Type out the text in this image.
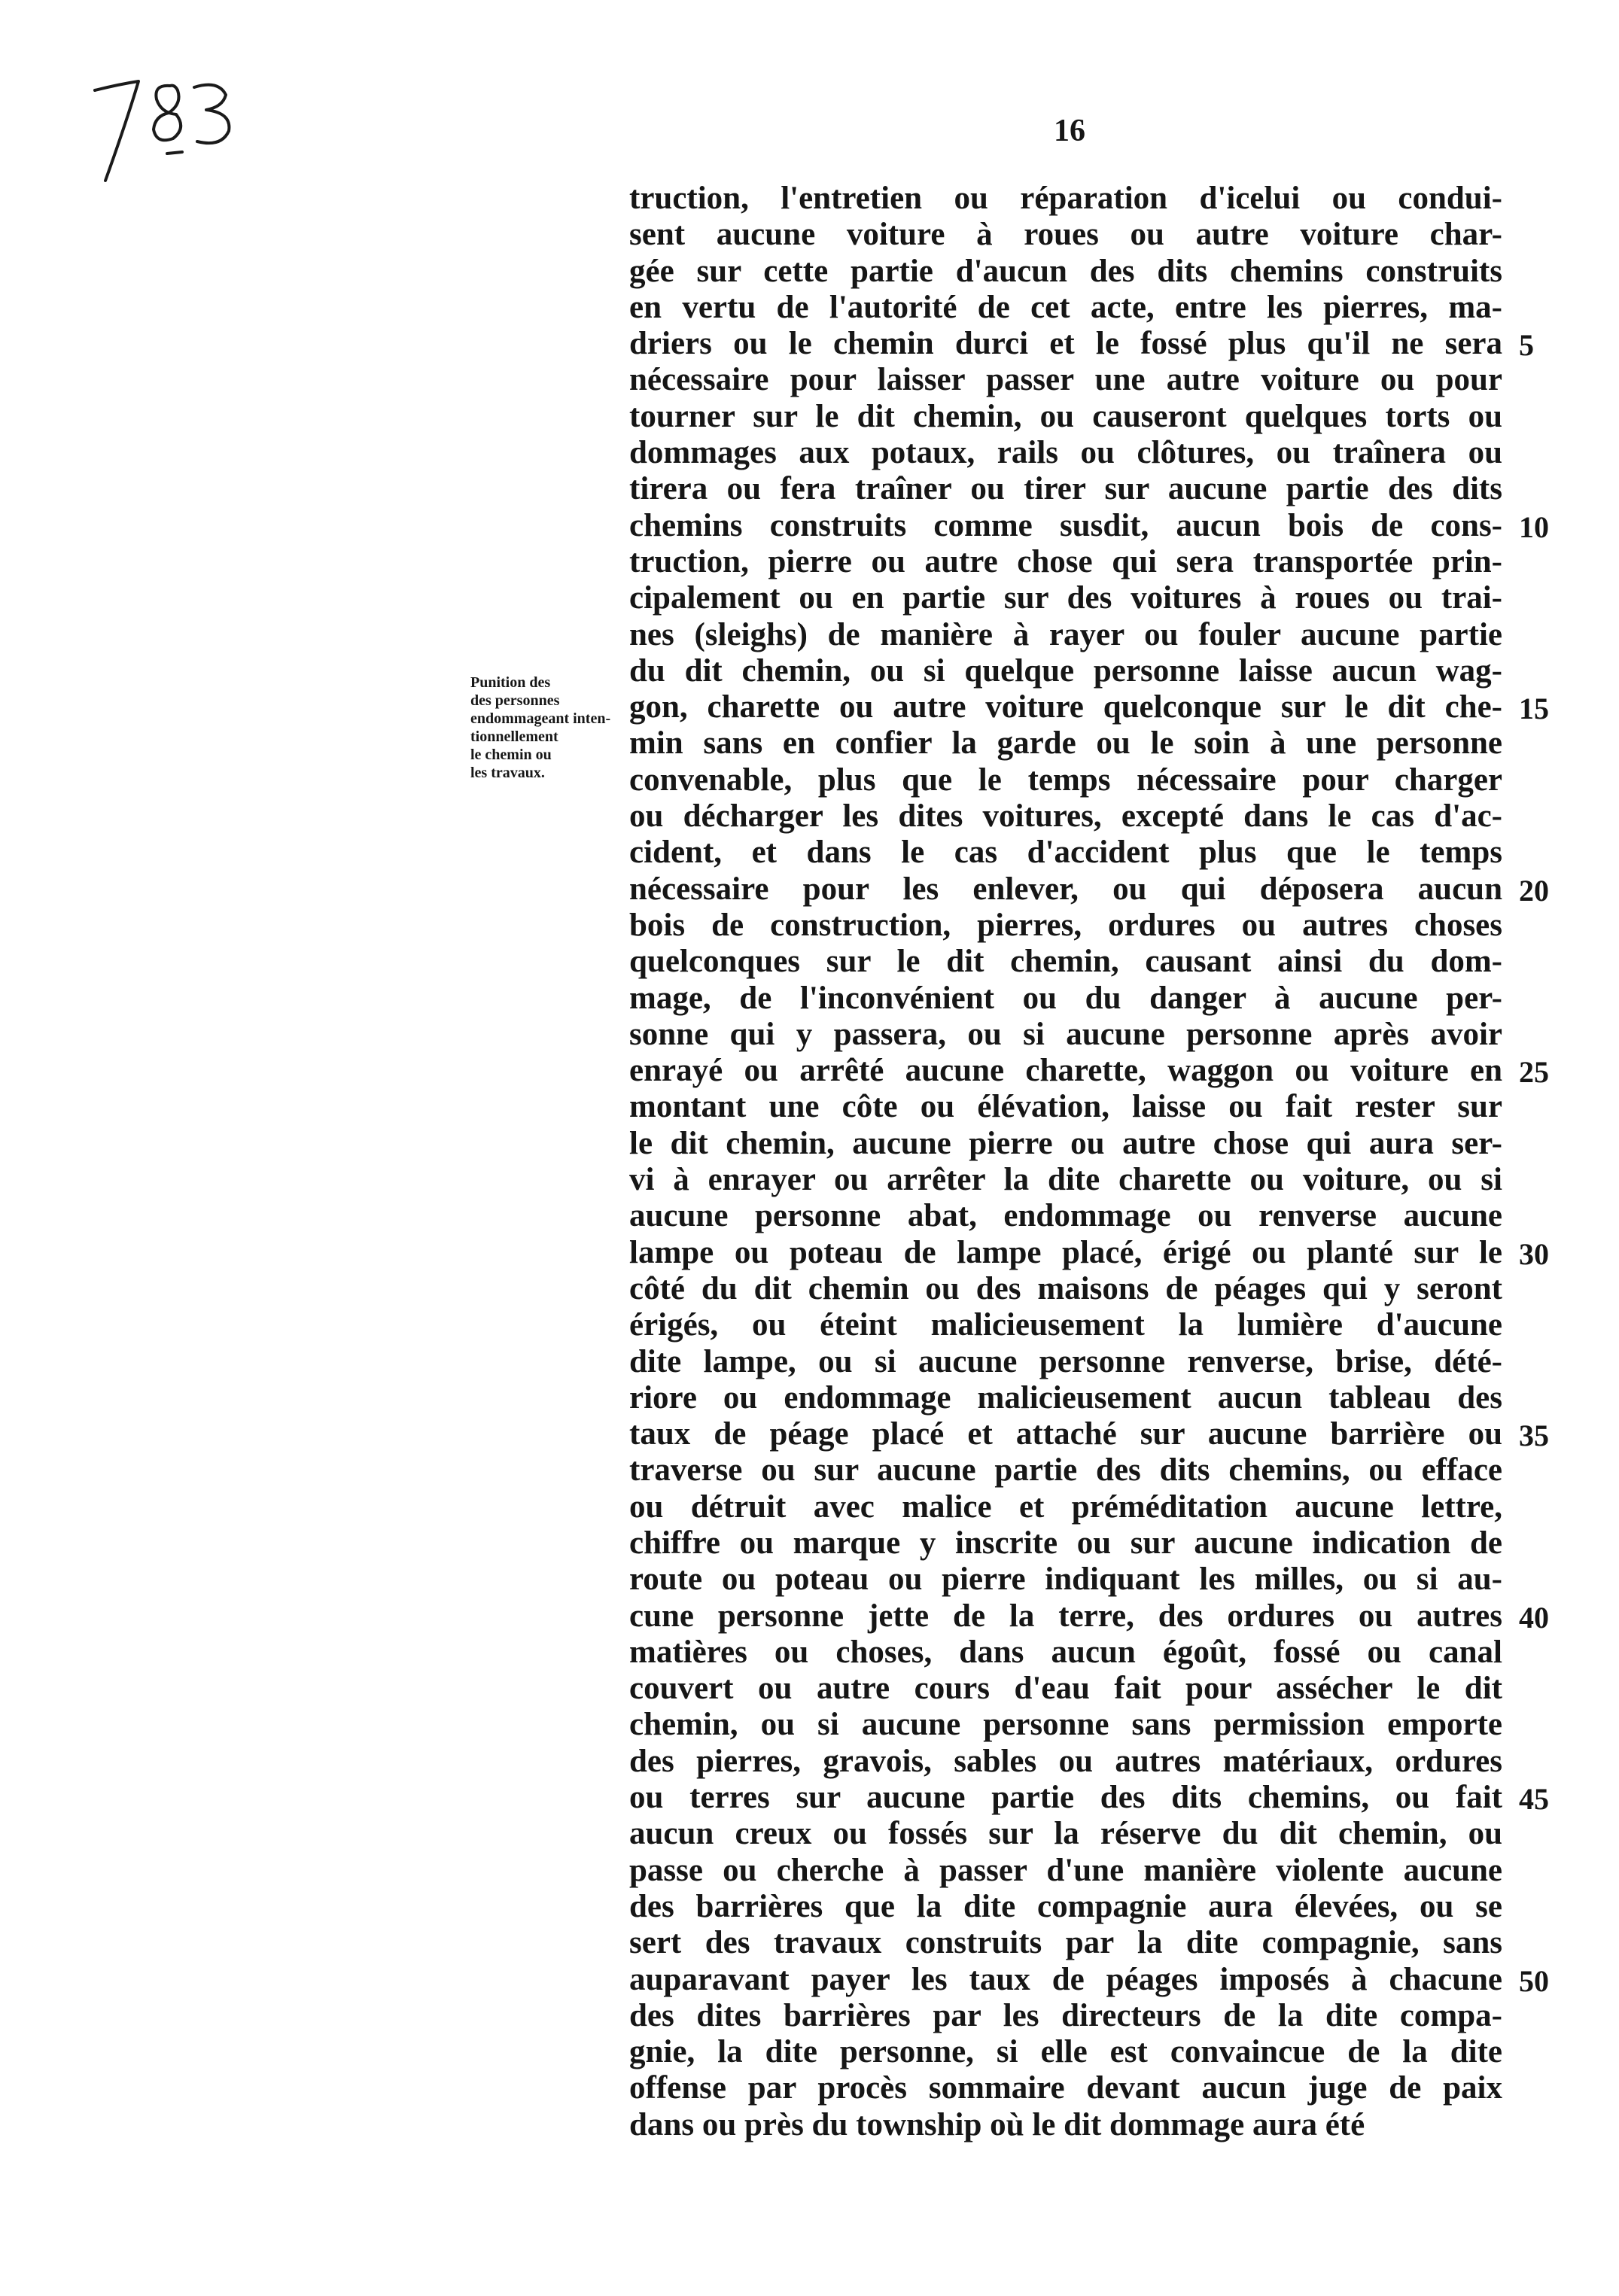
16
Punition des
des personnes
endommageant inten-
tionnellement
le chemin ou
les travaux.
truction, l'entretien ou réparation d'icelui ou condui-
sent aucune voiture à roues ou autre voiture char-
gée sur cette partie d'aucun des dits chemins construits
en vertu de l'autorité de cet acte, entre les pierres, ma-
driers ou le chemin durci et le fossé plus qu'il ne sera
nécessaire pour laisser passer une autre voiture ou pour
tourner sur le dit chemin, ou causeront quelques torts ou
dommages aux potaux, rails ou clôtures, ou traînera ou
tirera ou fera traîner ou tirer sur aucune partie des dits
chemins construits comme susdit, aucun bois de cons-
truction, pierre ou autre chose qui sera transportée prin-
cipalement ou en partie sur des voitures à roues ou trai-
nes (sleighs) de manière à rayer ou fouler aucune partie
du dit chemin, ou si quelque personne laisse aucun wag-
gon, charette ou autre voiture quelconque sur le dit che-
min sans en confier la garde ou le soin à une personne
convenable, plus que le temps nécessaire pour charger
ou décharger les dites voitures, excepté dans le cas d'ac-
cident, et dans le cas d'accident plus que le temps
nécessaire pour les enlever, ou qui déposera aucun
bois de construction, pierres, ordures ou autres choses
quelconques sur le dit chemin, causant ainsi du dom-
mage, de l'inconvénient ou du danger à aucune per-
sonne qui y passera, ou si aucune personne après avoir
enrayé ou arrêté aucune charette, waggon ou voiture en
montant une côte ou élévation, laisse ou fait rester sur
le dit chemin, aucune pierre ou autre chose qui aura ser-
vi à enrayer ou arrêter la dite charette ou voiture, ou si
aucune personne abat, endommage ou renverse aucune
lampe ou poteau de lampe placé, érigé ou planté sur le
côté du dit chemin ou des maisons de péages qui y seront
érigés, ou éteint malicieusement la lumière d'aucune
dite lampe, ou si aucune personne renverse, brise, dété-
riore ou endommage malicieusement aucun tableau des
taux de péage placé et attaché sur aucune barrière ou
traverse ou sur aucune partie des dits chemins, ou efface
ou détruit avec malice et préméditation aucune lettre,
chiffre ou marque y inscrite ou sur aucune indication de
route ou poteau ou pierre indiquant les milles, ou si au-
cune personne jette de la terre, des ordures ou autres
matières ou choses, dans aucun égoût, fossé ou canal
couvert ou autre cours d'eau fait pour assécher le dit
chemin, ou si aucune personne sans permission emporte
des pierres, gravois, sables ou autres matériaux, ordures
ou terres sur aucune partie des dits chemins, ou fait
aucun creux ou fossés sur la réserve du dit chemin, ou
passe ou cherche à passer d'une manière violente aucune
des barrières que la dite compagnie aura élevées, ou se
sert des travaux construits par la dite compagnie, sans
auparavant payer les taux de péages imposés à chacune
des dites barrières par les directeurs de la dite compa-
gnie, la dite personne, si elle est convaincue de la dite
offense par procès sommaire devant aucun juge de paix
dans ou près du township où le dit dommage aura été
5
10
15
20
25
30
35
40
45
50
